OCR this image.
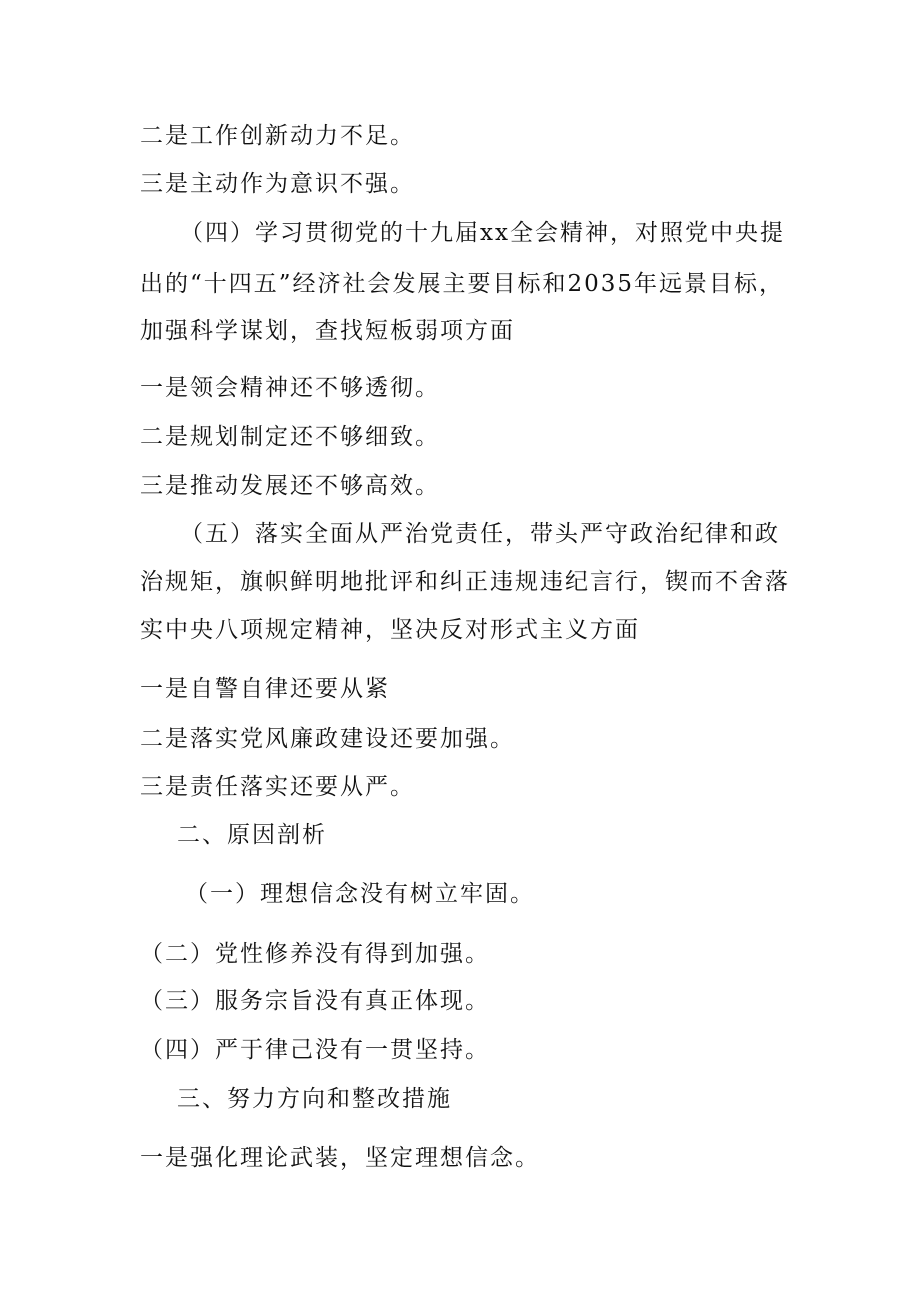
二是工作创新动力不足。
三是主动作为意识不强。
（四）学习贯彻党的十九届xx全会精神，对照党中央提
出的“十四五”经济社会发展主要目标和2035年远景目标，
加强科学谋划，查找短板弱项方面
一是领会精神还不够透彻。
二是规划制定还不够细致。
三是推动发展还不够高效。
（五）落实全面从严治党责任，带头严守政治纪律和政
治规矩，旗帜鲜明地批评和纠正违规违纪言行，锲而不舍落
实中央八项规定精神，坚决反对形式主义方面
一是自警自律还要从紧
二是落实党风廉政建设还要加强。
三是责任落实还要从严。
二、原因剖析
（一）理想信念没有树立牢固。
（二）党性修养没有得到加强。
（三）服务宗旨没有真正体现。
（四）严于律己没有一贯坚持。
三、努力方向和整改措施
一是强化理论武装，坚定理想信念。
